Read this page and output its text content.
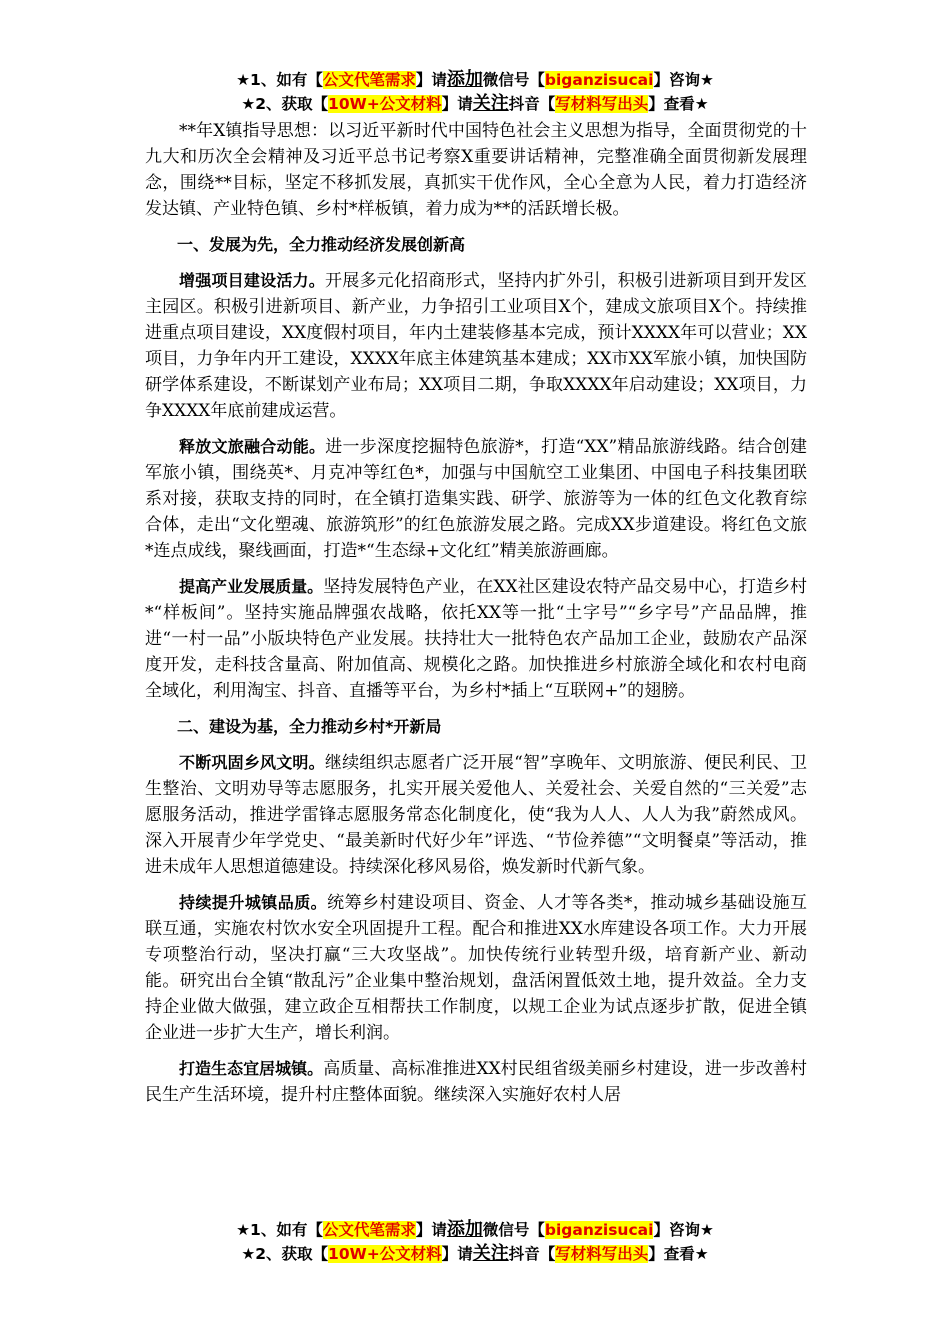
★1、如有【公文代笔需求】请添加微信号【biganzisucai】咨询★
★2、获取【10W+公文材料】请关注抖音【写材料写出头】查看★

**年X镇指导思想：以习近平新时代中国特色社会主义思想为指导，全面贯彻党的十九大和历次全会精神及习近平总书记考察X重要讲话精神，完整准确全面贯彻新发展理念，围绕**目标，坚定不移抓发展，真抓实干优作风，全心全意为人民，着力打造经济发达镇、产业特色镇、乡村*样板镇，着力成为**的活跃增长极。

一、发展为先，全力推动经济发展创新高

增强项目建设活力。开展多元化招商形式，坚持内扩外引，积极引进新项目到开发区主园区。积极引进新项目、新产业，力争招引工业项目X个，建成文旅项目X个。持续推进重点项目建设，XX度假村项目，年内土建装修基本完成，预计XXXX年可以营业；XX项目，力争年内开工建设，XXXX年底主体建筑基本建成；XX市XX军旅小镇，加快国防研学体系建设，不断谋划产业布局；XX项目二期，争取XXXX年启动建设；XX项目，力争XXXX年底前建成运营。

释放文旅融合动能。进一步深度挖掘特色旅游*，打造“XX”精品旅游线路。结合创建军旅小镇，围绕英*、月克冲等红色*，加强与中国航空工业集团、中国电子科技集团联系对接，获取支持的同时，在全镇打造集实践、研学、旅游等为一体的红色文化教育综合体，走出“文化塑魂、旅游筑形”的红色旅游发展之路。完成XX步道建设。将红色文旅*连点成线，聚线画面，打造*“生态绿+文化红”精美旅游画廊。

提高产业发展质量。坚持发展特色产业，在XX社区建设农特产品交易中心，打造乡村*“样板间”。坚持实施品牌强农战略，依托XX等一批“土字号”“乡字号”产品品牌，推进“一村一品”小版块特色产业发展。扶持壮大一批特色农产品加工企业，鼓励农产品深度开发，走科技含量高、附加值高、规模化之路。加快推进乡村旅游全域化和农村电商全域化，利用淘宝、抖音、直播等平台，为乡村*插上“互联网+”的翅膀。

二、建设为基，全力推动乡村*开新局

不断巩固乡风文明。继续组织志愿者广泛开展“智”享晚年、文明旅游、便民利民、卫生整治、文明劝导等志愿服务，扎实开展关爱他人、关爱社会、关爱自然的“三关爱”志愿服务活动，推进学雷锋志愿服务常态化制度化，使“我为人人、人人为我”蔚然成风。深入开展青少年学党史、“最美新时代好少年”评选、“节俭养德”“文明餐桌”等活动，推进未成年人思想道德建设。持续深化移风易俗，焕发新时代新气象。

持续提升城镇品质。统筹乡村建设项目、资金、人才等各类*，推动城乡基础设施互联互通，实施农村饮水安全巩固提升工程。配合和推进XX水库建设各项工作。大力开展专项整治行动，坚决打赢“三大攻坚战”。加快传统行业转型升级，培育新产业、新动能。研究出台全镇“散乱污”企业集中整治规划，盘活闲置低效土地，提升效益。全力支持企业做大做强，建立政企互相帮扶工作制度，以规工企业为试点逐步扩散，促进全镇企业进一步扩大生产，增长利润。

打造生态宜居城镇。高质量、高标准推进XX村民组省级美丽乡村建设，进一步改善村民生产生活环境，提升村庄整体面貌。继续深入实施好农村人居

★1、如有【公文代笔需求】请添加微信号【biganzisucai】咨询★
★2、获取【10W+公文材料】请关注抖音【写材料写出头】查看★
